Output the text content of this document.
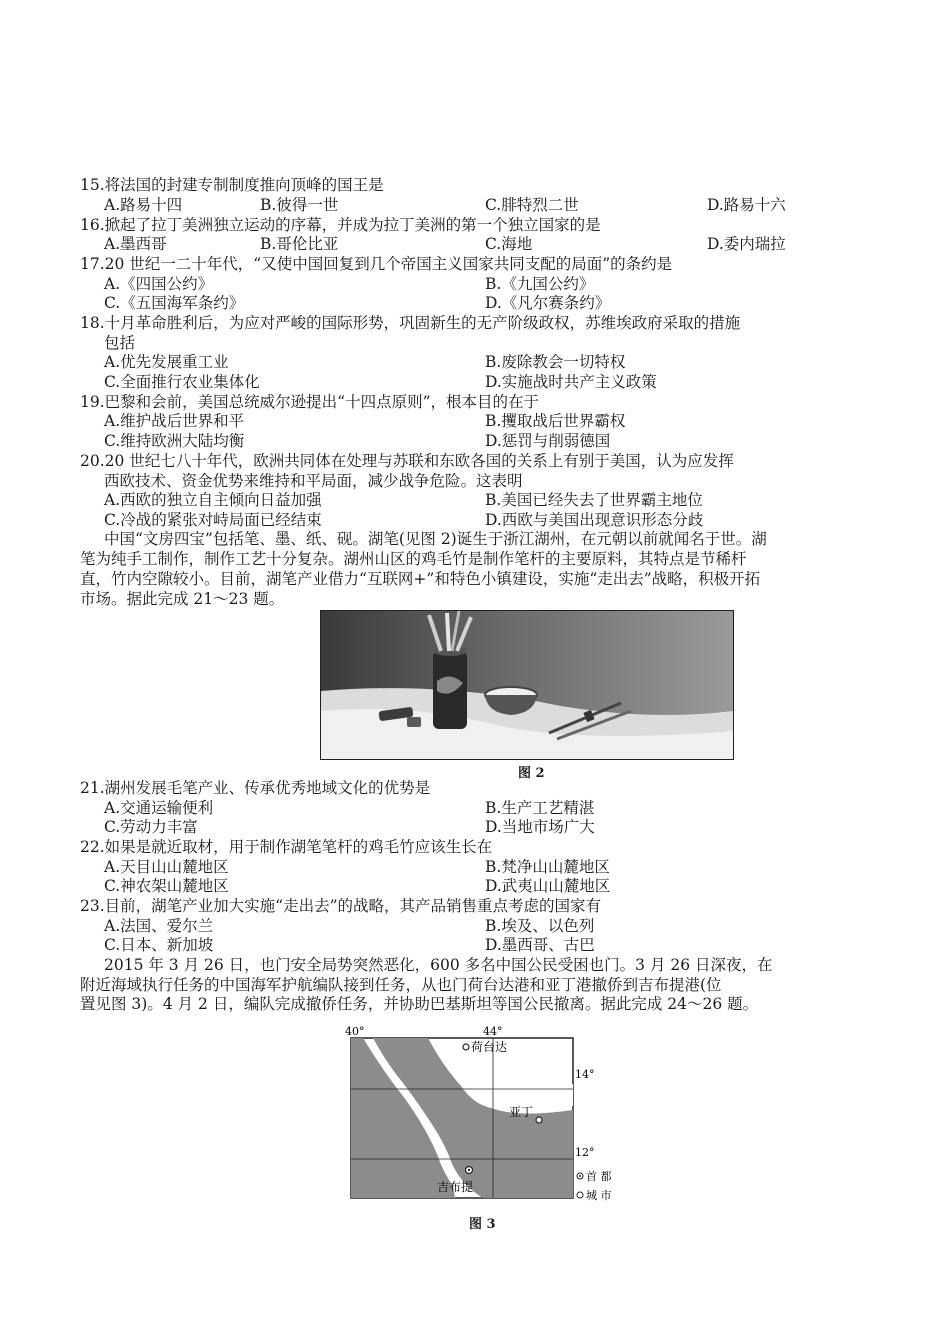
15.将法国的封建专制制度推向顶峰的国王是
A.路易十四	B.彼得一世	C.腓特烈二世	D.路易十六
16.掀起了拉丁美洲独立运动的序幕，并成为拉丁美洲的第一个独立国家的是
A.墨西哥	B.哥伦比亚	C.海地	D.委内瑞拉
17.20 世纪一二十年代，“又使中国回复到几个帝国主义国家共同支配的局面”的条约是
A.《四国公约》	B.《九国公约》
C.《五国海军条约》	D.《凡尔赛条约》
18.十月革命胜利后，为应对严峻的国际形势，巩固新生的无产阶级政权，苏维埃政府采取的措施
包括
A.优先发展重工业	B.废除教会一切特权
C.全面推行农业集体化	D.实施战时共产主义政策
19.巴黎和会前，美国总统威尔逊提出“十四点原则”，根本目的在于
A.维护战后世界和平	B.攫取战后世界霸权
C.维持欧洲大陆均衡	D.惩罚与削弱德国
20.20 世纪七八十年代，欧洲共同体在处理与苏联和东欧各国的关系上有别于美国，认为应发挥
西欧技术、资金优势来维持和平局面，减少战争危险。这表明
A.西欧的独立自主倾向日益加强	B.美国已经失去了世界霸主地位
C.冷战的紧张对峙局面已经结束	D.西欧与美国出现意识形态分歧
中国“文房四宝”包括笔、墨、纸、砚。湖笔(见图 2)诞生于浙江湖州，在元朝以前就闻名于世。湖
笔为纯手工制作，制作工艺十分复杂。湖州山区的鸡毛竹是制作笔杆的主要原料，其特点是节稀杆
直，竹内空隙较小。目前，湖笔产业借力“互联网+”和特色小镇建设，实施“走出去”战略，积极开拓
市场。据此完成 21～23 题。
图 2
21.湖州发展毛笔产业、传承优秀地域文化的优势是
A.交通运输便利	B.生产工艺精湛
C.劳动力丰富	D.当地市场广大
22.如果是就近取材，用于制作湖笔笔杆的鸡毛竹应该生长在
A.天目山山麓地区	B.梵净山山麓地区
C.神农架山麓地区	D.武夷山山麓地区
23.目前，湖笔产业加大实施“走出去”的战略，其产品销售重点考虑的国家有
A.法国、爱尔兰	B.埃及、以色列
C.日本、新加坡	D.墨西哥、古巴
2015 年 3 月 26 日，也门安全局势突然恶化，600 多名中国公民受困也门。3 月 26 日深夜，在
附近海域执行任务的中国海军护航编队接到任务，从也门荷台达港和亚丁港撤侨到吉布提港(位
置见图 3)。4 月 2 日，编队完成撤侨任务，并协助巴基斯坦等国公民撤离。据此完成 24～26 题。
40°	44°
14°
12°
荷台达
亚丁
吉布提
首 都
城 市
图 3
